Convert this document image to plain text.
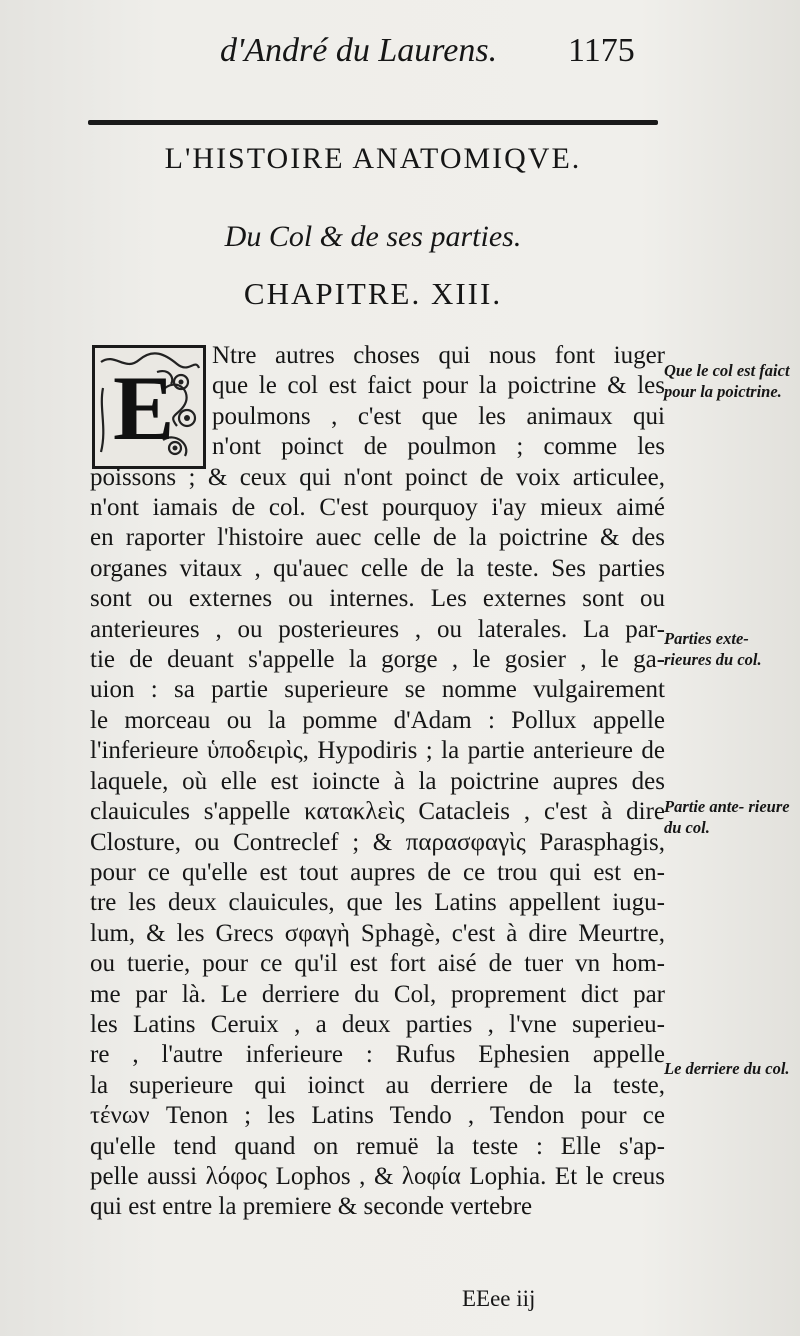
d'André du Laurens. 1175
L'HISTOIRE ANATOMIQVE.
Du Col & de ses parties.
CHAPITRE. XIII.
E
Ntre autres choses qui nous font iuger
que le col est faict pour la poictrine & les
poulmons , c'est que les animaux qui
n'ont poinct de poulmon ; comme les
poissons ; & ceux qui n'ont poinct de voix articulee,
n'ont iamais de col. C'est pourquoy i'ay mieux aimé
en raporter l'histoire auec celle de la poictrine & des
organes vitaux , qu'auec celle de la teste. Ses parties
sont ou externes ou internes. Les externes sont ou
anterieures , ou posterieures , ou laterales. La par-
tie de deuant s'appelle la gorge , le gosier , le ga-
uion : sa partie superieure se nomme vulgairement
le morceau ou la pomme d'Adam : Pollux appelle
l'inferieure ὑποδειρὶς, Hypodiris ; la partie anterieure de
laquele, où elle est ioincte à la poictrine aupres des
clauicules s'appelle κατακλεὶς Catacleis , c'est à dire
Closture, ou Contreclef ; & παρασφαγὶς Parasphagis,
pour ce qu'elle est tout aupres de ce trou qui est en-
tre les deux clauicules, que les Latins appellent iugu-
lum, & les Grecs σφαγὴ Sphagè, c'est à dire Meurtre,
ou tuerie, pour ce qu'il est fort aisé de tuer vn hom-
me par là. Le derriere du Col, proprement dict par
les Latins Ceruix , a deux parties , l'vne superieu-
re , l'autre inferieure : Rufus Ephesien appelle
la superieure qui ioinct au derriere de la teste,
τένων Tenon ; les Latins Tendo , Tendon pour ce
qu'elle tend quand on remuë la teste : Elle s'ap-
pelle aussi λόφος Lophos , & λοφία Lophia. Et le creus
qui est entre la premiere & seconde vertebre
Que le col est faict pour la poictrine.
Parties exte- rieures du col.
Partie ante- rieure du col.
Le derriere du col.
EEee iij
